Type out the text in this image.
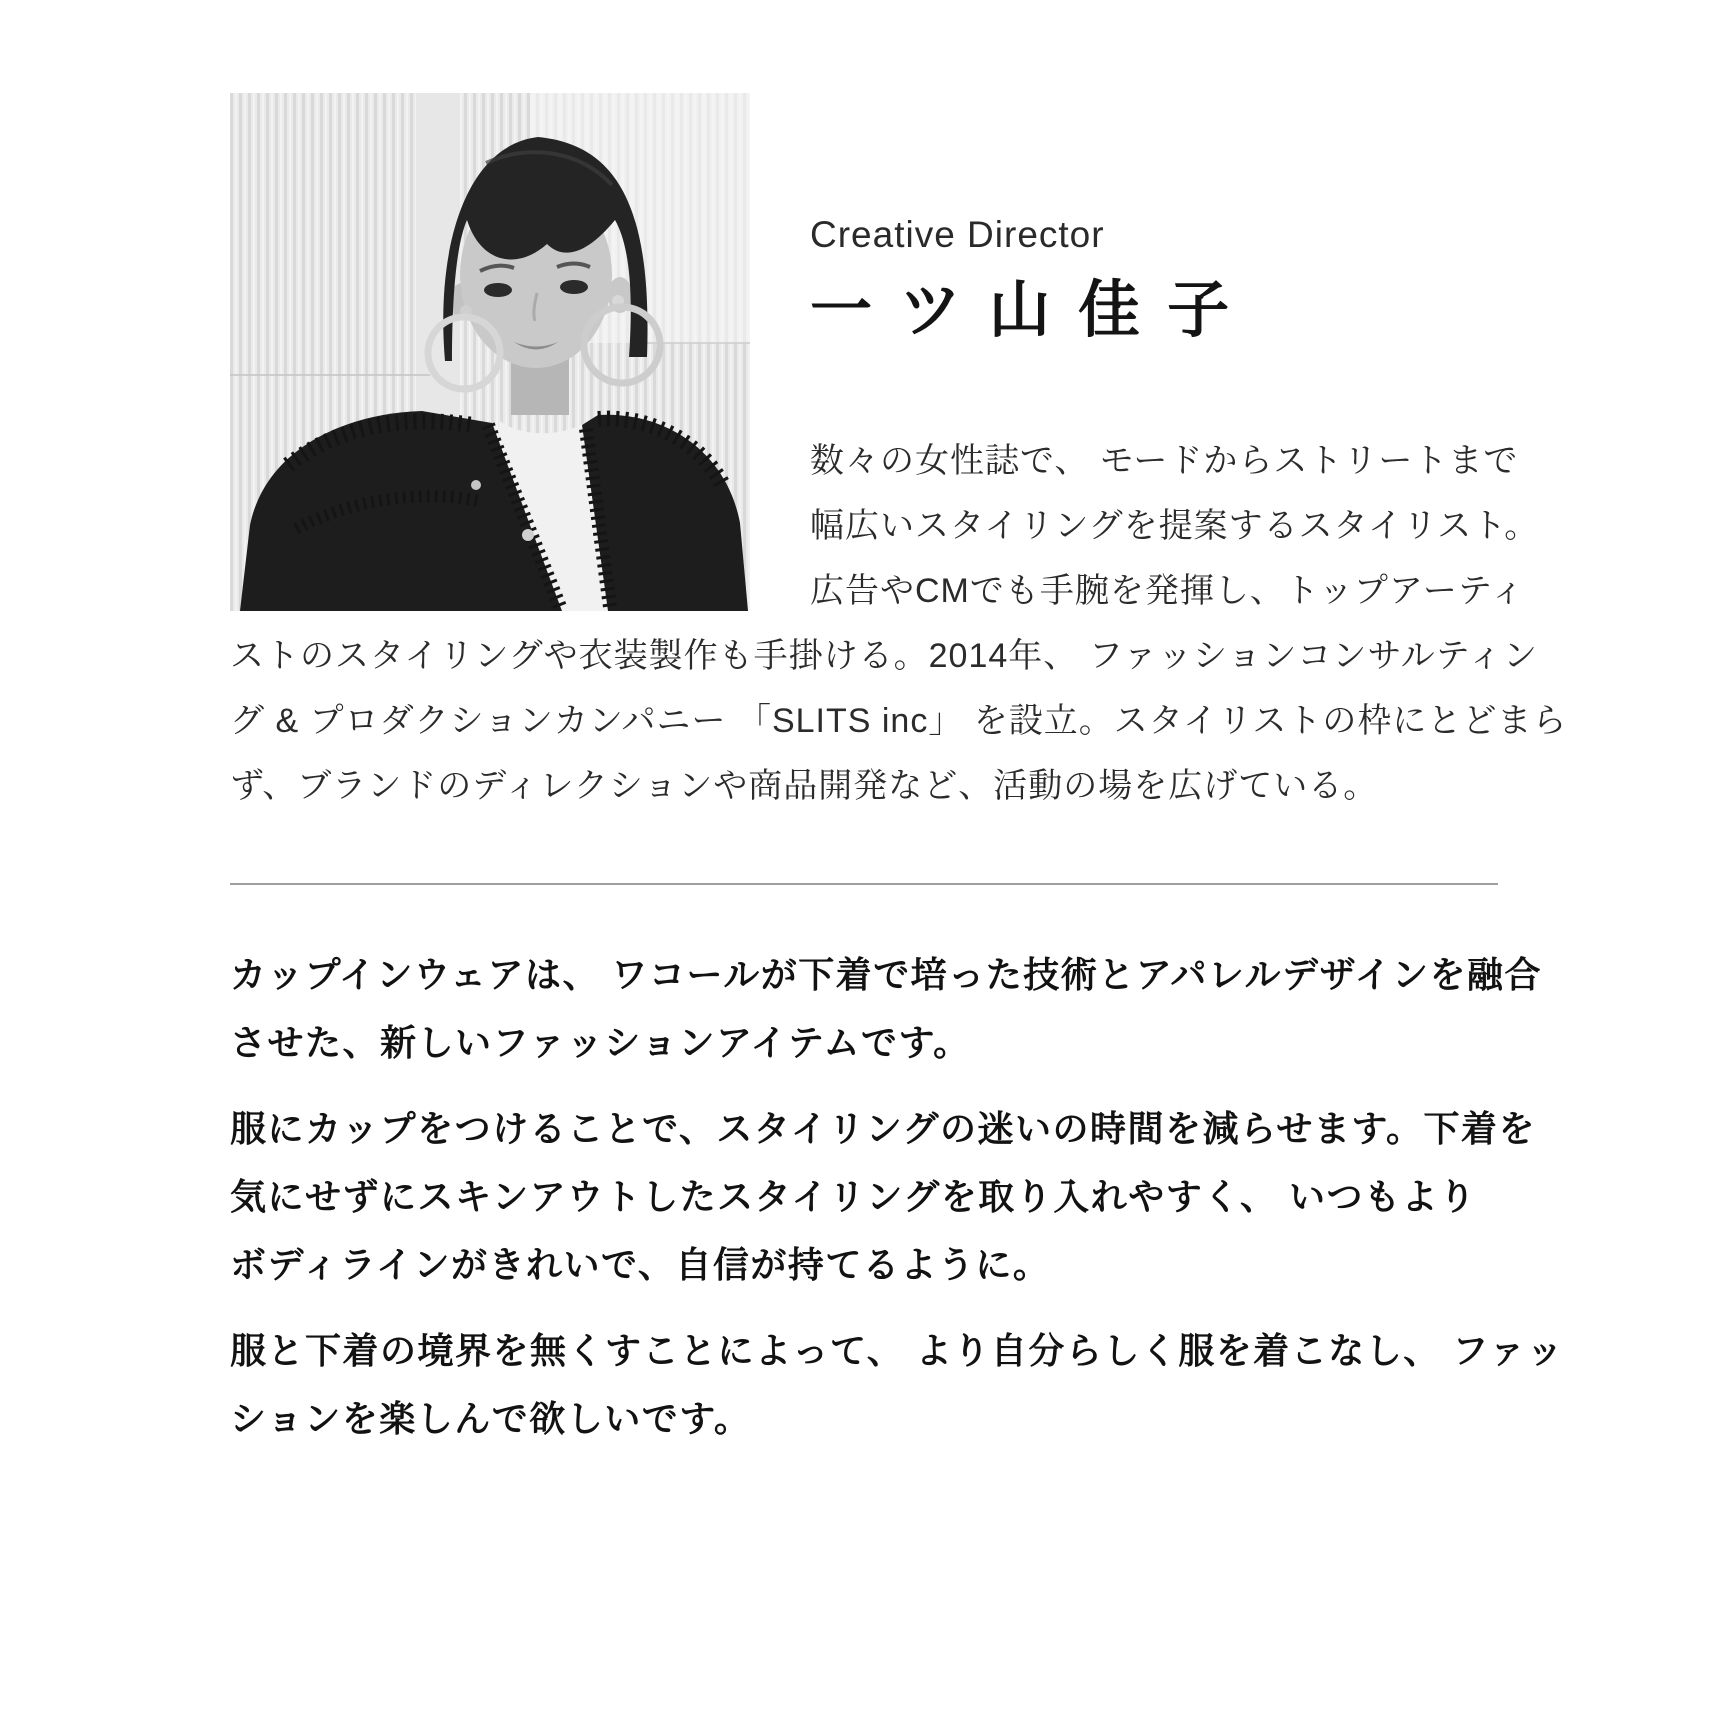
Creative Director
一ツ山佳子

数々の女性誌で、 モードからストリートまで

幅広いスタイリングを提案するスタイリスト。

広告やCMでも手腕を発揮し、トップアーティ

ストのスタイリングや衣装製作も手掛ける。2014年、 ファッションコンサルティン

グ & プロダクションカンパニー 「SLITS inc」 を設立。スタイリストの枠にとどまら

ず、ブランドのディレクションや商品開発など、活動の場を広げている。

カップインウェアは、 ワコールが下着で培った技術とアパレルデザインを融合
させた、新しいファッションアイテムです。

服にカップをつけることで、スタイリングの迷いの時間を減らせます。下着を
気にせずにスキンアウトしたスタイリングを取り入れやすく、 いつもより
ボディラインがきれいで、自信が持てるように。

服と下着の境界を無くすことによって、 より自分らしく服を着こなし、 ファッ
ションを楽しんで欲しいです。
